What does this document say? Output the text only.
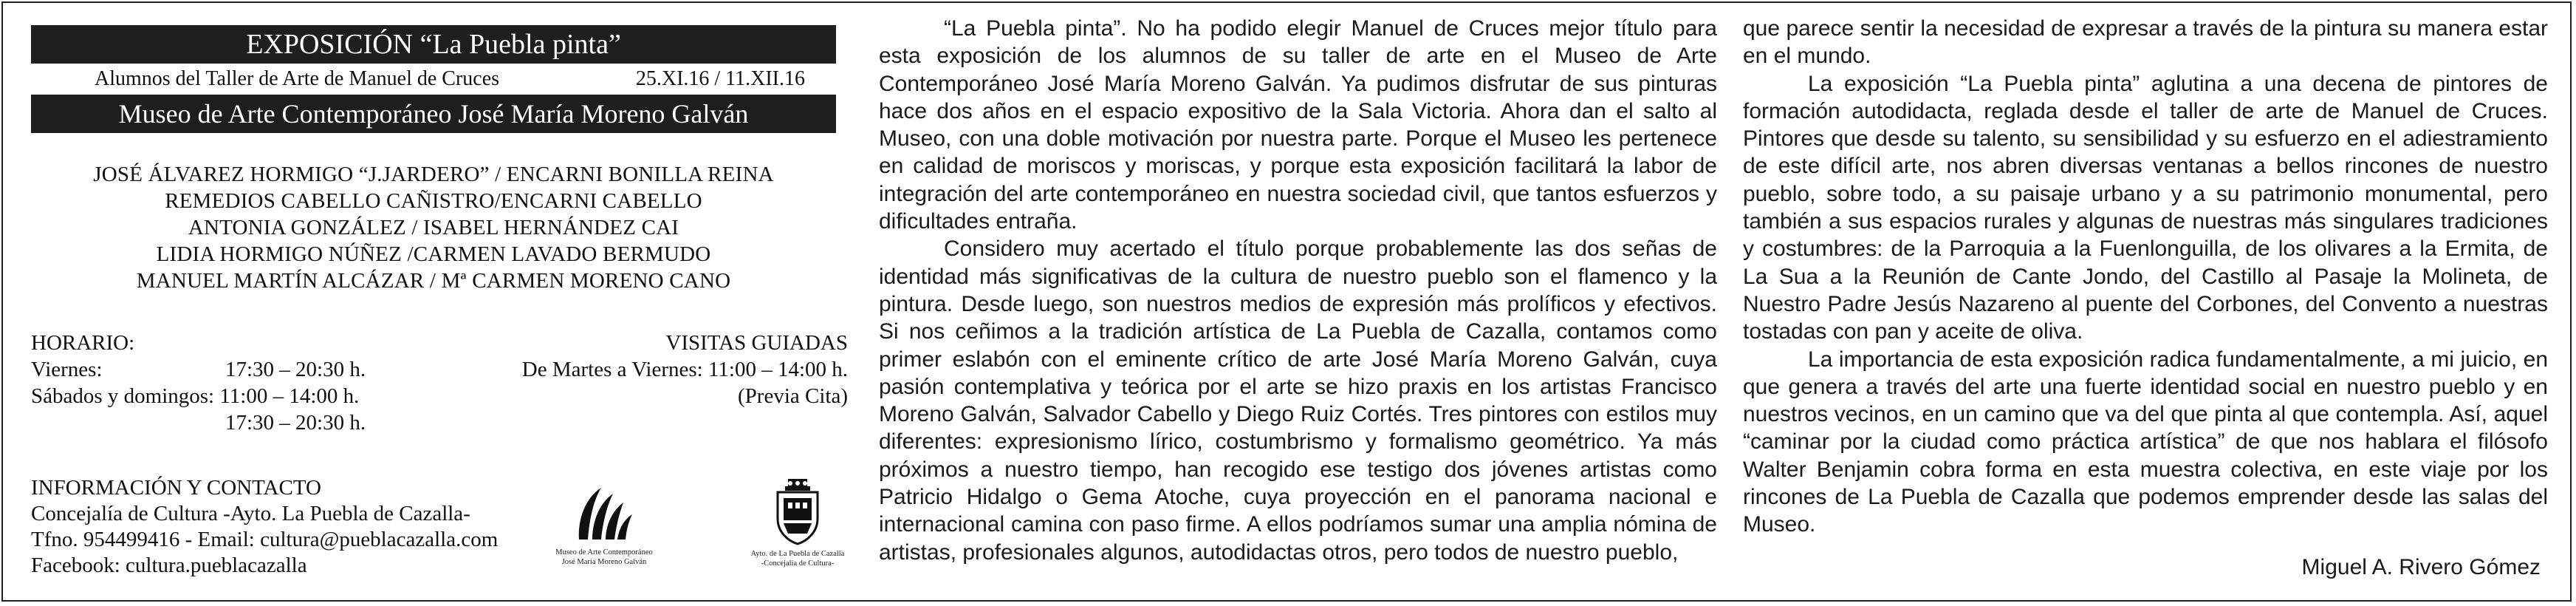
EXPOSICIÓN “La Puebla pinta”
Alumnos del Taller de Arte de Manuel de Cruces	25.XI.16 / 11.XII.16
Museo de Arte Contemporáneo José María Moreno Galván
JOSÉ ÁLVAREZ HORMIGO “J.JARDERO” / ENCARNI BONILLA REINA
REMEDIOS CABELLO CAÑISTRO/ENCARNI CABELLO
ANTONIA GONZÁLEZ / ISABEL HERNÁNDEZ CAI
LIDIA HORMIGO NÚÑEZ /CARMEN LAVADO BERMUDO
MANUEL MARTÍN ALCÁZAR / Mª CARMEN MORENO CANO
HORARIO:
Viernes:	17:30 – 20:30 h.
Sábados y domingos: 11:00 – 14:00 h.
17:30 – 20:30 h.
VISITAS GUIADAS
De Martes a Viernes: 11:00 – 14:00 h.
(Previa Cita)
INFORMACIÓN Y CONTACTO
Concejalía de Cultura -Ayto. La Puebla de Cazalla-
Tfno. 954499416 - Email: cultura@pueblacazalla.com
Facebook: cultura.pueblacazalla
Museo de Arte Contemporáneo
José María Moreno Galván
Ayto. de La Puebla de Cazalla
-Concejalía de Cultura-

“La Puebla pinta”. No ha podido elegir Manuel de Cruces mejor título para esta exposición de los alumnos de su taller de arte en el Museo de Arte Contemporáneo José María Moreno Galván. Ya pudimos disfrutar de sus pinturas hace dos años en el espacio expositivo de la Sala Victoria. Ahora dan el salto al Museo, con una doble motivación por nuestra parte. Porque el Museo les pertenece en calidad de moriscos y moriscas, y porque esta exposición facilitará la labor de integración del arte contemporáneo en nuestra sociedad civil, que tantos esfuerzos y dificultades entraña.

Considero muy acertado el título porque probablemente las dos señas de identidad más significativas de la cultura de nuestro pueblo son el flamenco y la pintura. Desde luego, son nuestros medios de expresión más prolíficos y efectivos. Si nos ceñimos a la tradición artística de La Puebla de Cazalla, contamos como primer eslabón con el eminente crítico de arte José María Moreno Galván, cuya pasión contemplativa y teórica por el arte se hizo praxis en los artistas Francisco Moreno Galván, Salvador Cabello y Diego Ruiz Cortés. Tres pintores con estilos muy diferentes: expresionismo lírico, costumbrismo y formalismo geométrico. Ya más próximos a nuestro tiempo, han recogido ese testigo dos jóvenes artistas como Patricio Hidalgo o Gema Atoche, cuya proyección en el panorama nacional e internacional camina con paso firme. A ellos podríamos sumar una amplia nómina de artistas, profesionales algunos, autodidactas otros, pero todos de nuestro pueblo,

que parece sentir la necesidad de expresar a través de la pintura su manera estar en el mundo.

La exposición “La Puebla pinta” aglutina a una decena de pintores de formación autodidacta, reglada desde el taller de arte de Manuel de Cruces. Pintores que desde su talento, su sensibilidad y su esfuerzo en el adiestramiento de este difícil arte, nos abren diversas ventanas a bellos rincones de nuestro pueblo, sobre todo, a su paisaje urbano y a su patrimonio monumental, pero también a sus espacios rurales y algunas de nuestras más singulares tradiciones y costumbres: de la Parroquia a la Fuenlonguilla, de los olivares a la Ermita, de La Sua a la Reunión de Cante Jondo, del Castillo al Pasaje la Molineta, de Nuestro Padre Jesús Nazareno al puente del Corbones, del Convento a nuestras tostadas con pan y aceite de oliva.

La importancia de esta exposición radica fundamentalmente, a mi juicio, en que genera a través del arte una fuerte identidad social en nuestro pueblo y en nuestros vecinos, en un camino que va del que pinta al que contempla. Así, aquel “caminar por la ciudad como práctica artística” de que nos hablara el filósofo Walter Benjamin cobra forma en esta muestra colectiva, en este viaje por los rincones de La Puebla de Cazalla que podemos emprender desde las salas del Museo.

Miguel A. Rivero Gómez
